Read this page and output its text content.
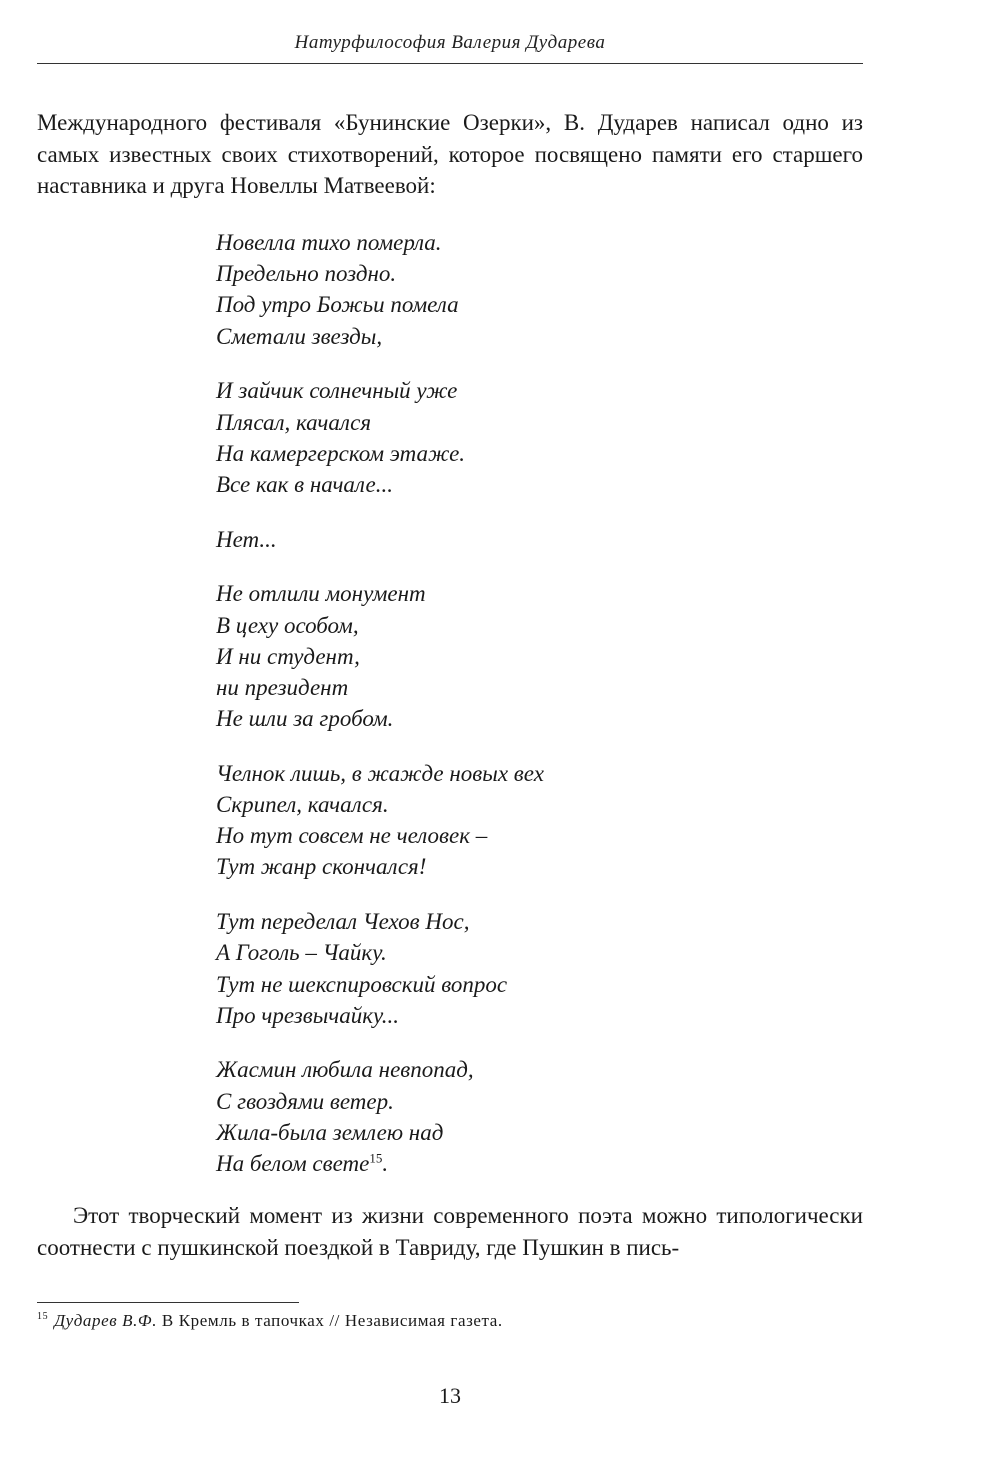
Натурфилософия Валерия Дударева

Международного фестиваля «Бунинские Озерки», В. Дударев написал одно из самых известных своих стихотворений, которое посвящено памяти его старшего наставника и друга Новеллы Матвеевой:

Новелла тихо померла.
Предельно поздно.
Под утро Божьи помела
Сметали звезды,
И зайчик солнечный уже
Плясал, качался
На камергерском этаже.
Все как в начале...
Нет...
Не отлили монумент
В цеху особом,
И ни студент,
ни президент
Не шли за гробом.
Челнок лишь, в жажде новых вех
Скрипел, качался.
Но тут совсем не человек –
Тут жанр скончался!
Тут переделал Чехов Нос,
А Гоголь – Чайку.
Тут не шекспировский вопрос
Про чрезвычайку...
Жасмин любила невпопад,
С гвоздями ветер.
Жила-была землею над
На белом свете$^{15}$.

Этот творческий момент из жизни современного поэта можно типологически соотнести с пушкинской поездкой в Тавриду, где Пушкин в пись-

$^{15}$ Дударев В.Ф. В Кремль в тапочках // Независимая газета.
13
